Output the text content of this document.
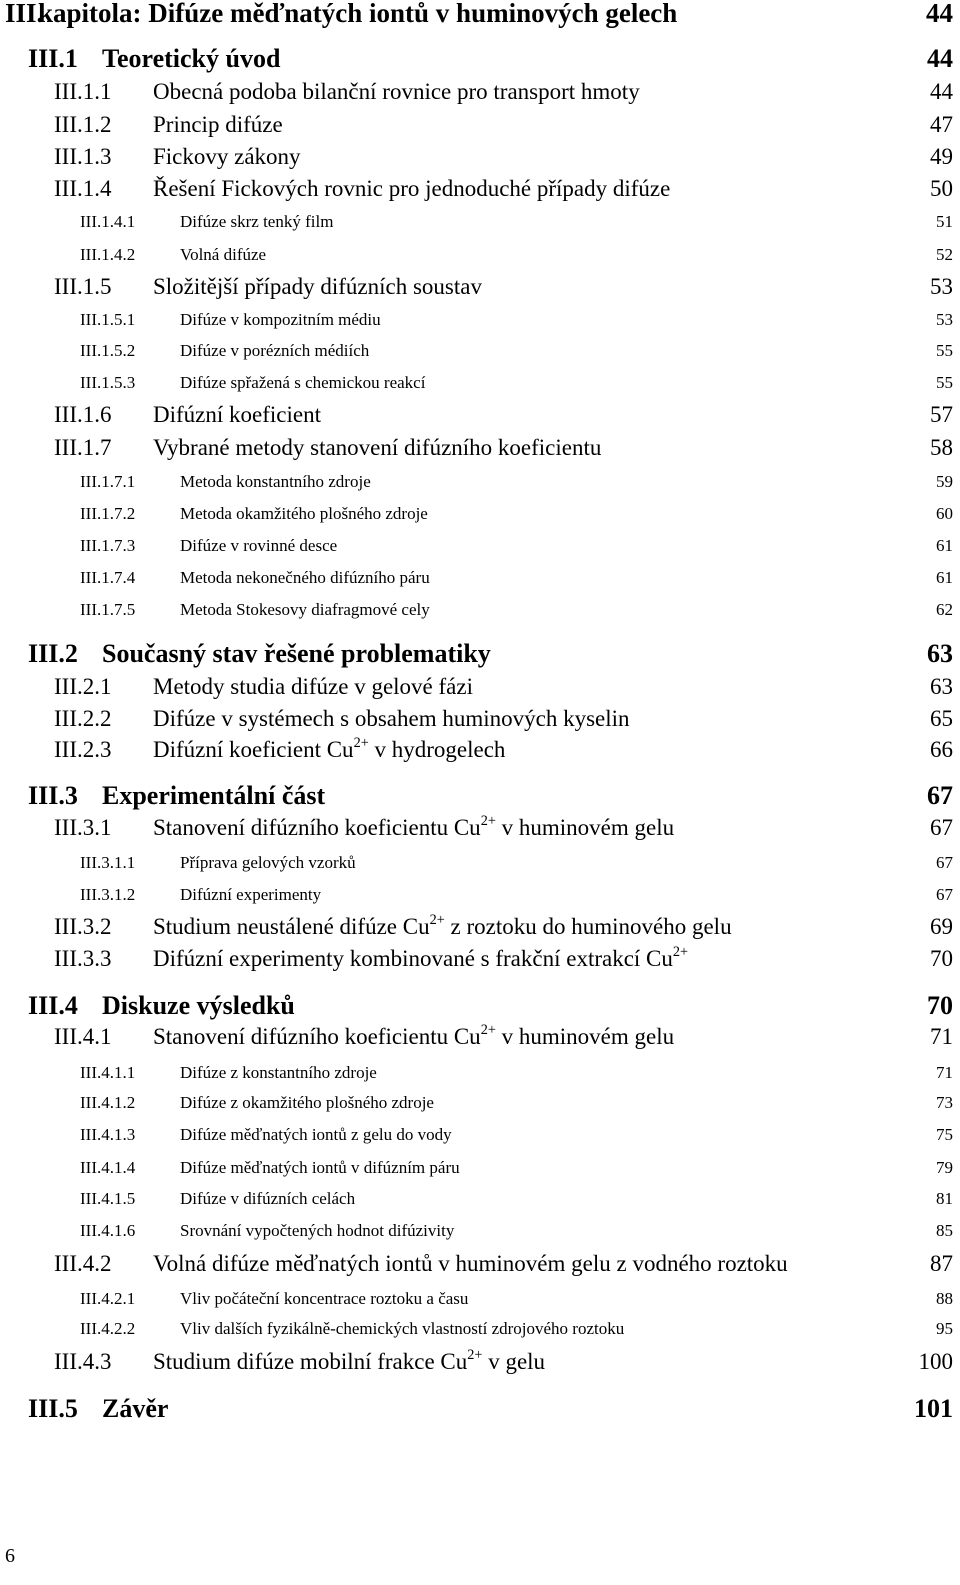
III.
kapitola: Difúze měďnatých iontů v huminových gelech	44
III.1 Teoretický úvod	44
III.1.1 Obecná podoba bilanční rovnice pro transport hmoty	44
III.1.2 Princip difúze	47
III.1.3 Fickovy zákony	49
III.1.4 Řešení Fickových rovnic pro jednoduché případy difúze	50
III.1.4.1	Difúze skrz tenký film	51
III.1.4.2	Volná difúze	52
III.1.5 Složitější případy difúzních soustav	53
III.1.5.1	Difúze v kompozitním médiu	53
III.1.5.2	Difúze v porézních médiích	55
III.1.5.3	Difúze spřažená s chemickou reakcí	55
III.1.6 Difúzní koeficient	57
III.1.7 Vybrané metody stanovení difúzního koeficientu	58
III.1.7.1	Metoda konstantního zdroje	59
III.1.7.2	Metoda okamžitého plošného zdroje	60
III.1.7.3	Difúze v rovinné desce	61
III.1.7.4	Metoda nekonečného difúzního páru	61
III.1.7.5	Metoda Stokesovy diafragmové cely	62
III.2 Současný stav řešené problematiky	63
III.2.1 Metody studia difúze v gelové fázi	63
III.2.2 Difúze v systémech s obsahem huminových kyselin	65
III.2.3 Difúzní koeficient $Cu^{2+}$ v hydrogelech	66
III.3 Experimentální část	67
III.3.1 Stanovení difúzního koeficientu $Cu^{2+}$ v huminovém gelu	67
III.3.1.1	Příprava gelových vzorků	67
III.3.1.2	Difúzní experimenty	67
III.3.2 Studium neustálené difúze $Cu^{2+}$ z roztoku do huminového gelu	69
III.3.3 Difúzní experimenty kombinované s frakční extrakcí $Cu^{2+}$	70
III.4 Diskuze výsledků	70
III.4.1 Stanovení difúzního koeficientu $Cu^{2+}$ v huminovém gelu	71
III.4.1.1	Difúze z konstantního zdroje	71
III.4.1.2	Difúze z okamžitého plošného zdroje	73
III.4.1.3	Difúze měďnatých iontů z gelu do vody	75
III.4.1.4	Difúze měďnatých iontů v difúzním páru	79
III.4.1.5	Difúze v difúzních celách	81
III.4.1.6	Srovnání vypočtených hodnot difúzivity	85
III.4.2 Volná difúze měďnatých iontů v huminovém gelu z vodného roztoku	87
III.4.2.1	Vliv počáteční koncentrace roztoku a času	88
III.4.2.2	Vliv dalších fyzikálně-chemických vlastností zdrojového roztoku	95
III.4.3 Studium difúze mobilní frakce $Cu^{2+}$ v gelu	100
III.5 Závěr	101
6
